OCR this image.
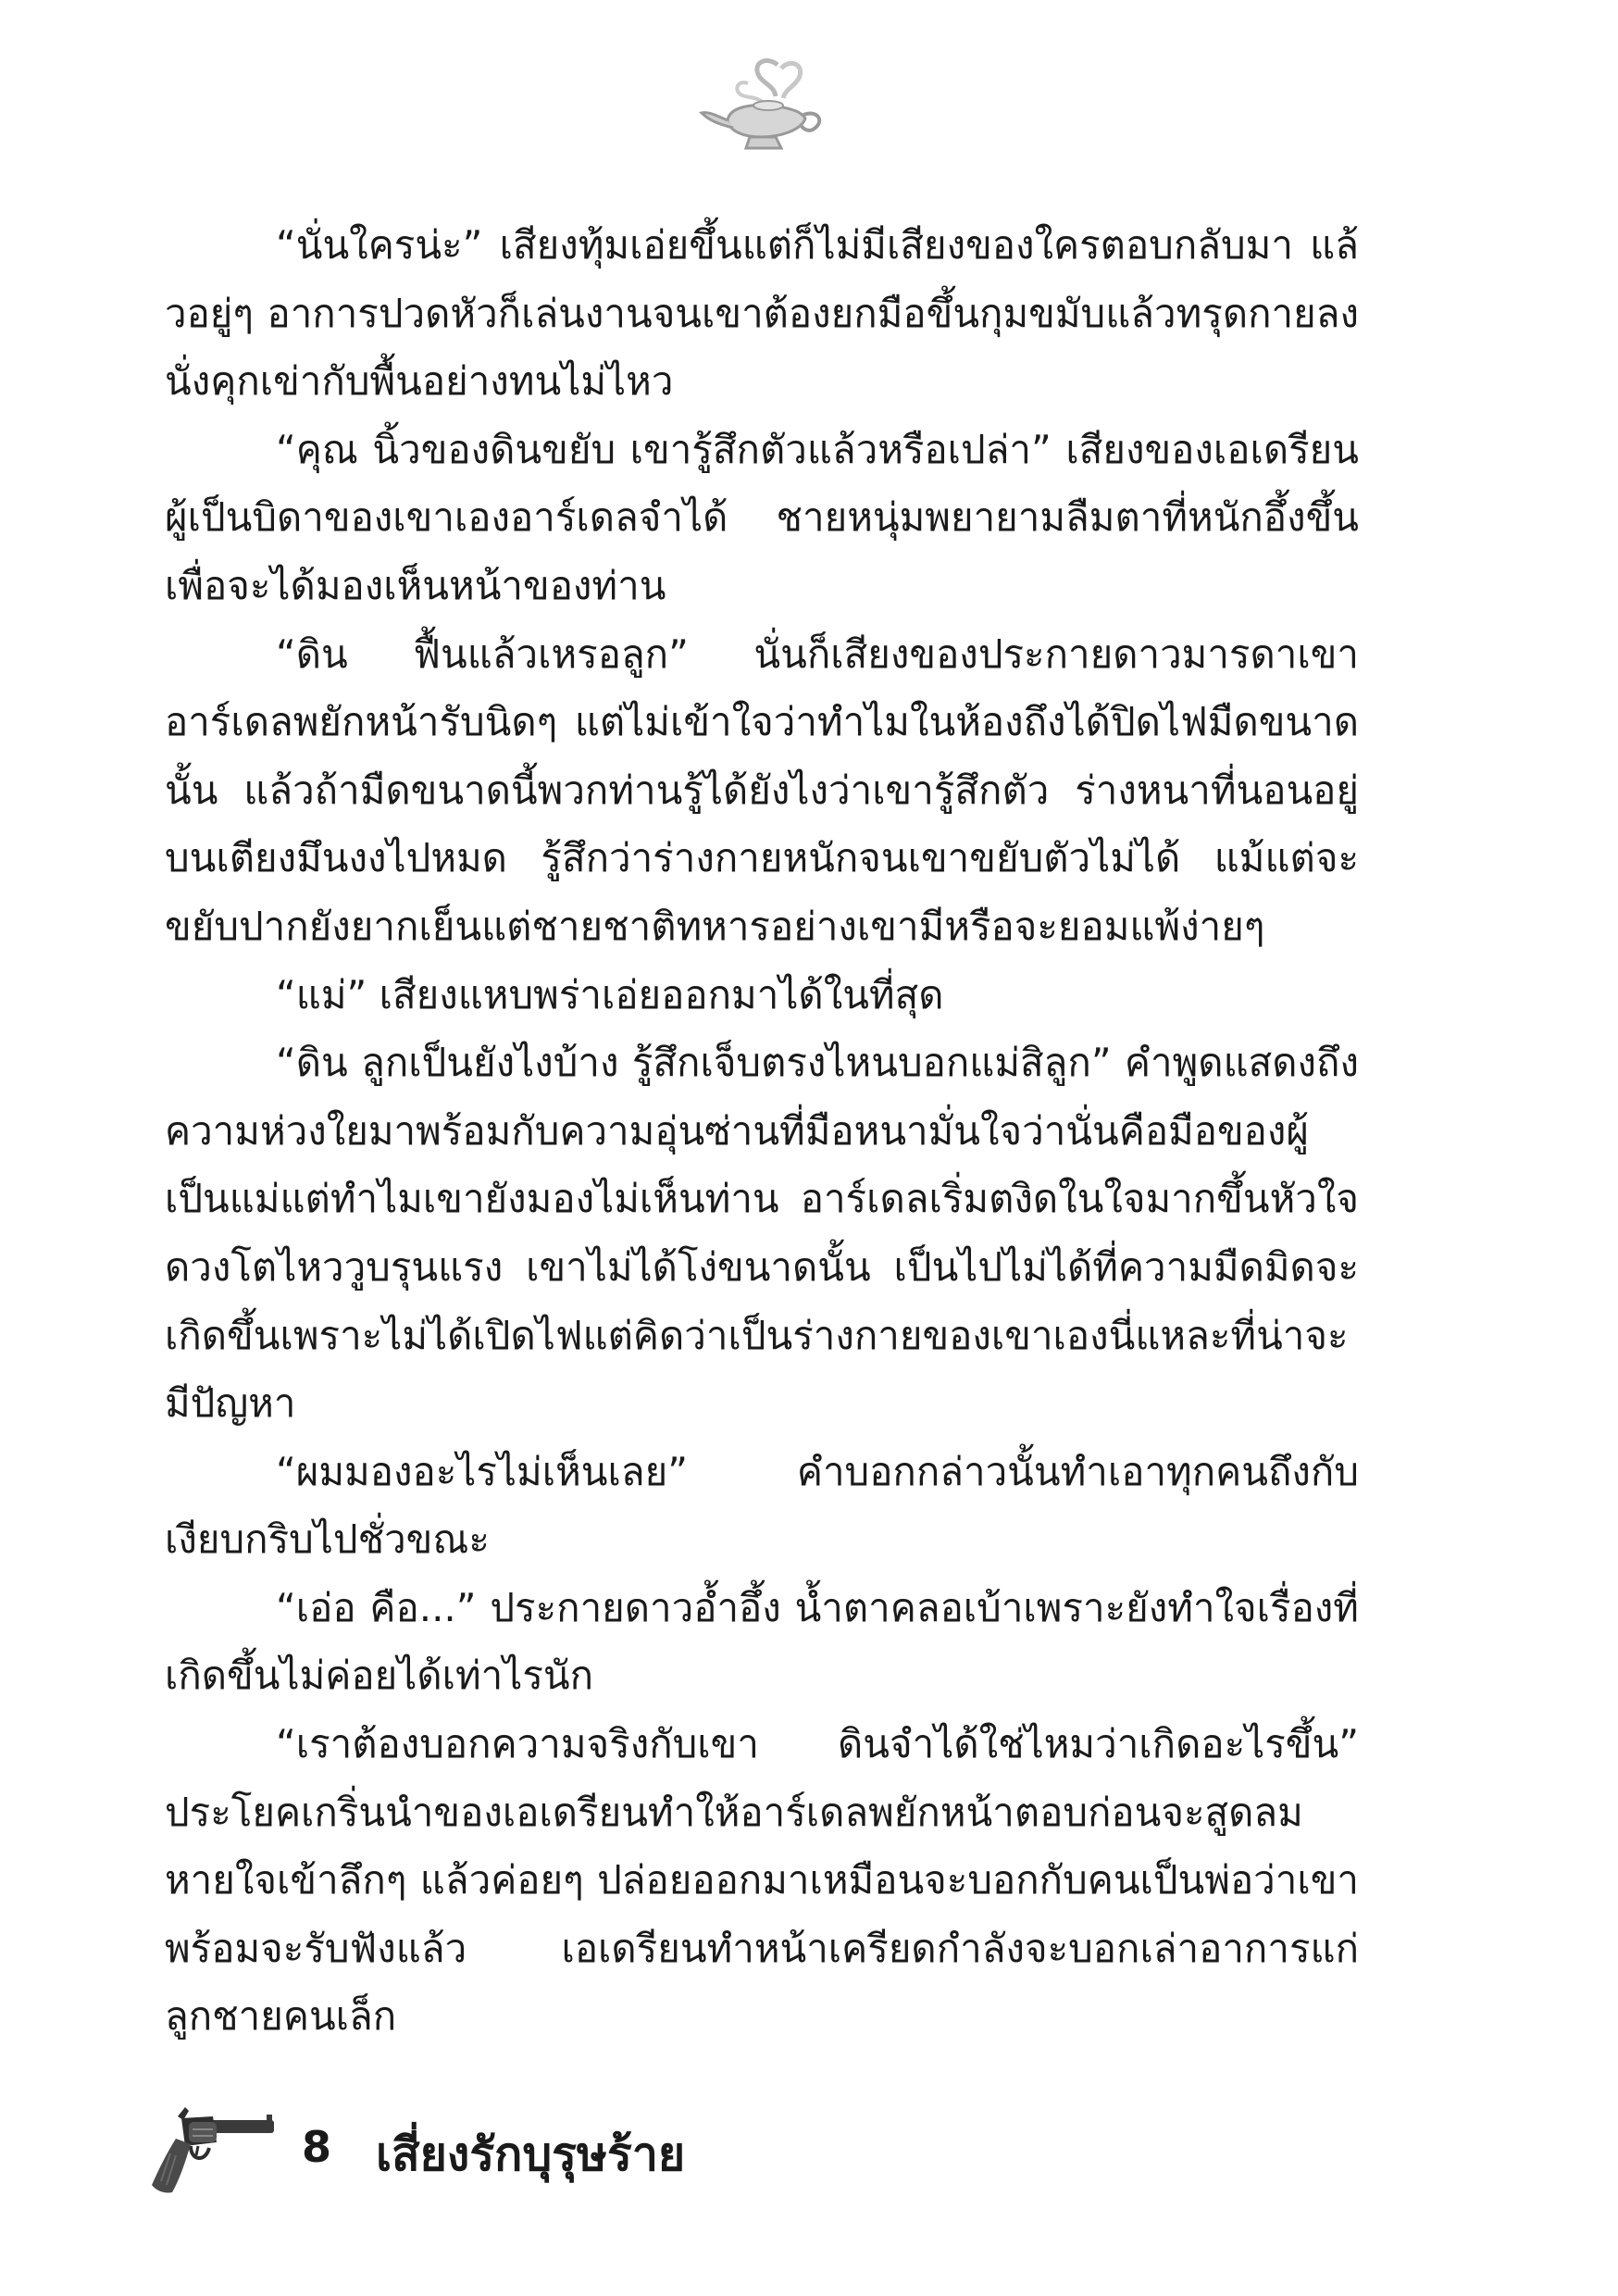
“นั่นใครน่ะ” เสียงทุ้มเอ่ยขึ้นแต่ก็ไม่มีเสียงของใครตอบกลับมา แล้วอยู่ๆ อาการปวดหัวก็เล่นงานจนเขาต้องยกมือขึ้นกุมขมับแล้วทรุดกายลงนั่งคุกเข่ากับพื้นอย่างทนไม่ไหว

“คุณ นิ้วของดินขยับ เขารู้สึกตัวแล้วหรือเปล่า” เสียงของเอเดรียนผู้เป็นบิดาของเขาเองอาร์เดลจำได้ ชายหนุ่มพยายามลืมตาที่หนักอึ้งขึ้นเพื่อจะได้มองเห็นหน้าของท่าน

“ดิน ฟื้นแล้วเหรอลูก” นั่นก็เสียงของประกายดาวมารดาเขา อาร์เดลพยักหน้ารับนิดๆ แต่ไม่เข้าใจว่าทำไมในห้องถึงได้ปิดไฟมืดขนาดนั้น แล้วถ้ามืดขนาดนี้พวกท่านรู้ได้ยังไงว่าเขารู้สึกตัว ร่างหนาที่นอนอยู่บนเตียงมึนงงไปหมด รู้สึกว่าร่างกายหนักจนเขาขยับตัวไม่ได้ แม้แต่จะขยับปากยังยากเย็นแต่ชายชาติทหารอย่างเขามีหรือจะยอมแพ้ง่ายๆ

“แม่” เสียงแหบพร่าเอ่ยออกมาได้ในที่สุด

“ดิน ลูกเป็นยังไงบ้าง รู้สึกเจ็บตรงไหนบอกแม่สิลูก” คำพูดแสดงถึงความห่วงใยมาพร้อมกับความอุ่นซ่านที่มือหนามั่นใจว่านั่นคือมือของผู้เป็นแม่แต่ทำไมเขายังมองไม่เห็นท่าน อาร์เดลเริ่มตงิดในใจมากขึ้นหัวใจดวงโตไหววูบรุนแรง เขาไม่ได้โง่ขนาดนั้น เป็นไปไม่ได้ที่ความมืดมิดจะเกิดขึ้นเพราะไม่ได้เปิดไฟแต่คิดว่าเป็นร่างกายของเขาเองนี่แหละที่น่าจะมีปัญหา

“ผมมองอะไรไม่เห็นเลย” คำบอกกล่าวนั้นทำเอาทุกคนถึงกับเงียบกริบไปชั่วขณะ

“เอ่อ คือ...” ประกายดาวอ้ำอึ้ง น้ำตาคลอเบ้าเพราะยังทำใจเรื่องที่เกิดขึ้นไม่ค่อยได้เท่าไรนัก

“เราต้องบอกความจริงกับเขา ดินจำได้ใช่ไหมว่าเกิดอะไรขึ้น” ประโยคเกริ่นนำของเอเดรียนทำให้อาร์เดลพยักหน้าตอบก่อนจะสูดลมหายใจเข้าลึกๆ แล้วค่อยๆ ปล่อยออกมาเหมือนจะบอกกับคนเป็นพ่อว่าเขาพร้อมจะรับฟังแล้ว เอเดรียนทำหน้าเครียดกำลังจะบอกเล่าอาการแก่ลูกชายคนเล็ก

8 เสี่ยงรักบุรุษร้าย
